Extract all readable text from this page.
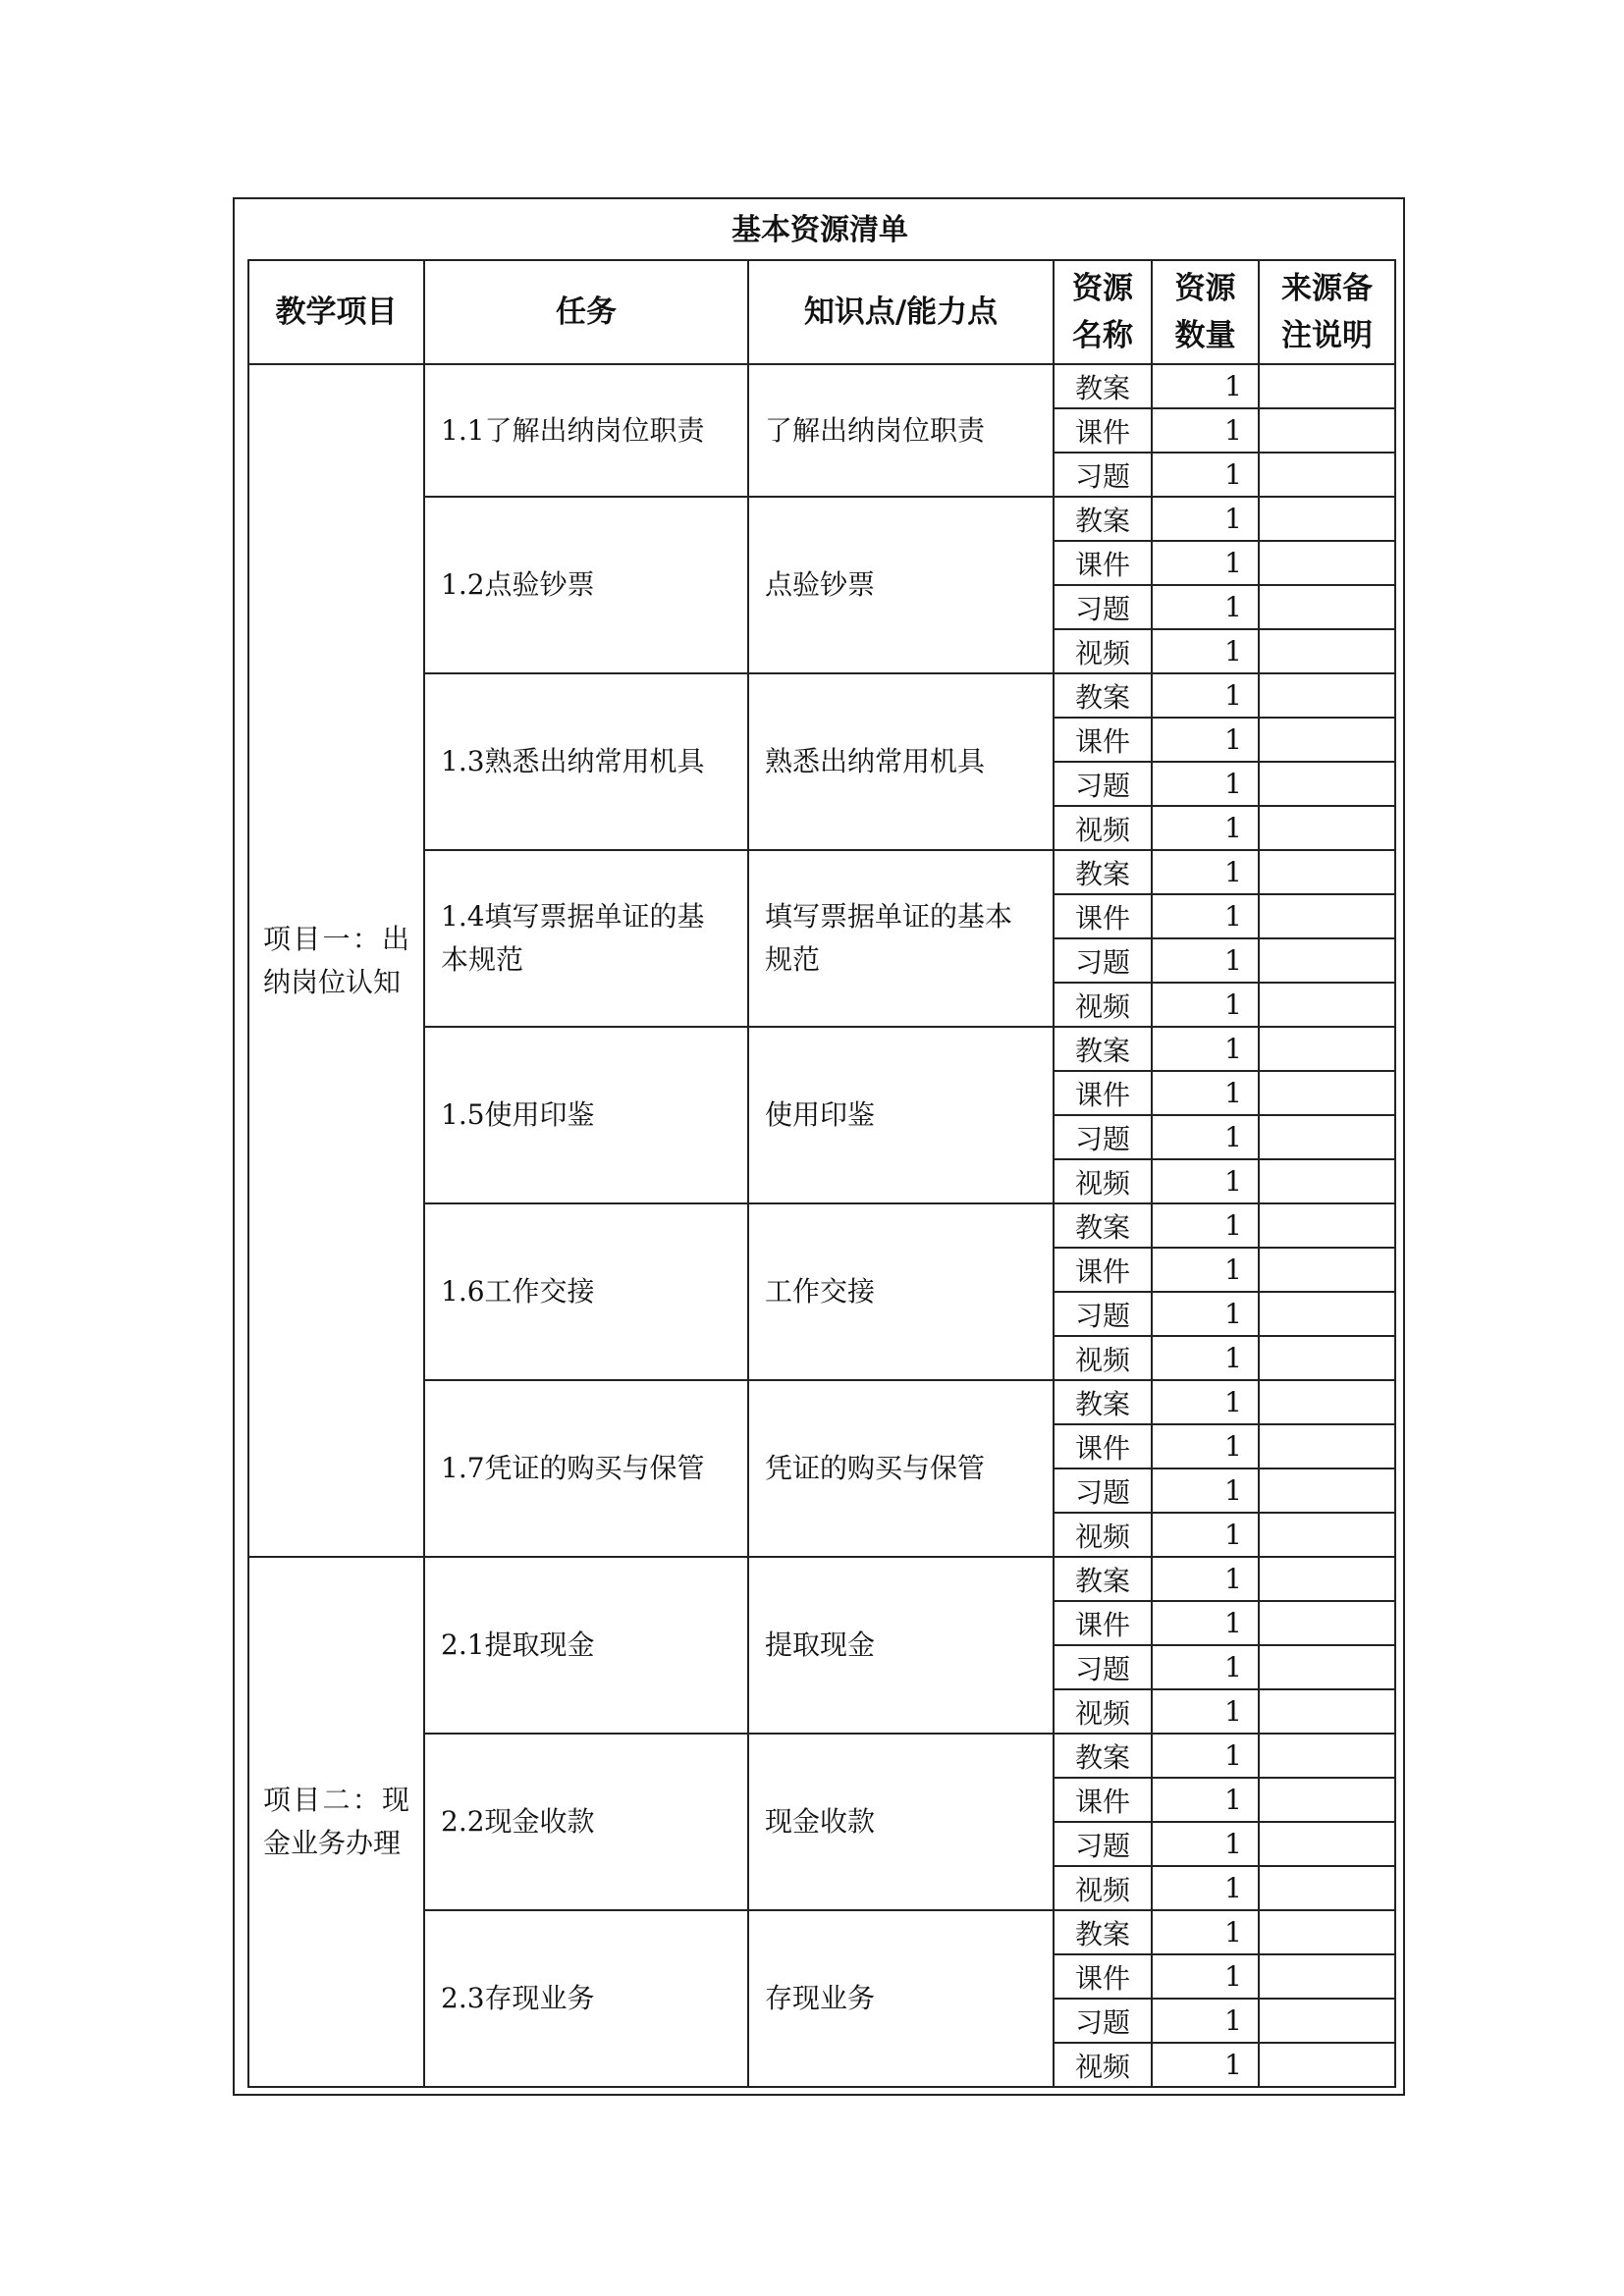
基本资源清单
教学项目	任务	知识点/能力点	资源名称	资源数量	来源备注说明
项目一：出纳岗位认知	1.1了解出纳岗位职责	了解出纳岗位职责	教案	1	
			课件	1	
			习题	1	
	1.2点验钞票	点验钞票	教案	1	
			课件	1	
			习题	1	
			视频	1	
	1.3熟悉出纳常用机具	熟悉出纳常用机具	教案	1	
			课件	1	
			习题	1	
			视频	1	
	1.4填写票据单证的基本规范	填写票据单证的基本规范	教案	1	
			课件	1	
			习题	1	
			视频	1	
	1.5使用印鉴	使用印鉴	教案	1	
			课件	1	
			习题	1	
			视频	1	
	1.6工作交接	工作交接	教案	1	
			课件	1	
			习题	1	
			视频	1	
	1.7凭证的购买与保管	凭证的购买与保管	教案	1	
			课件	1	
			习题	1	
			视频	1	
项目二：现金业务办理	2.1提取现金	提取现金	教案	1	
			课件	1	
			习题	1	
			视频	1	
	2.2现金收款	现金收款	教案	1	
			课件	1	
			习题	1	
			视频	1	
	2.3存现业务	存现业务	教案	1	
			课件	1	
			习题	1	
			视频	1	
